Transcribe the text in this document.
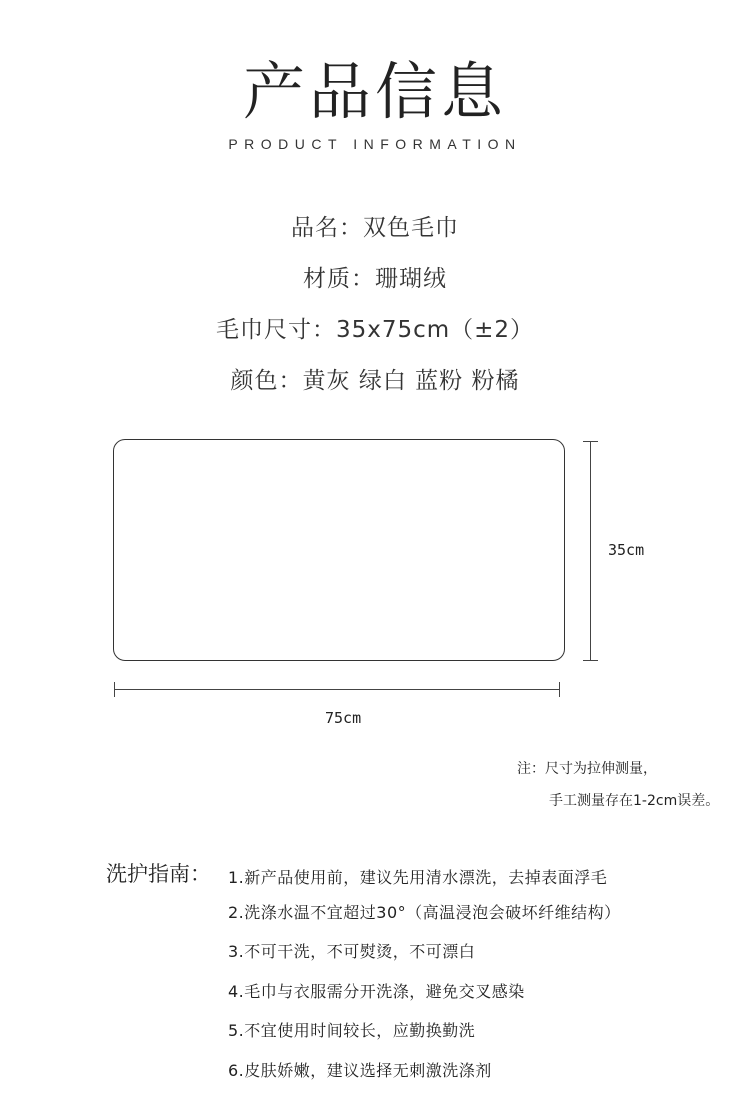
产品信息
PRODUCT INFORMATION
品名：双色毛巾
材质：珊瑚绒
毛巾尺寸：35x75cm（±2）
颜色：黄灰 绿白 蓝粉 粉橘
35cm
75cm
注：尺寸为拉伸测量，
手工测量存在1-2cm误差。
洗护指南： 1.新产品使用前，建议先用清水漂洗，去掉表面浮毛
2.洗涤水温不宜超过30°（高温浸泡会破坏纤维结构）
3.不可干洗，不可熨烫，不可漂白
4.毛巾与衣服需分开洗涤，避免交叉感染
5.不宜使用时间较长，应勤换勤洗
6.皮肤娇嫩，建议选择无刺激洗涤剂
